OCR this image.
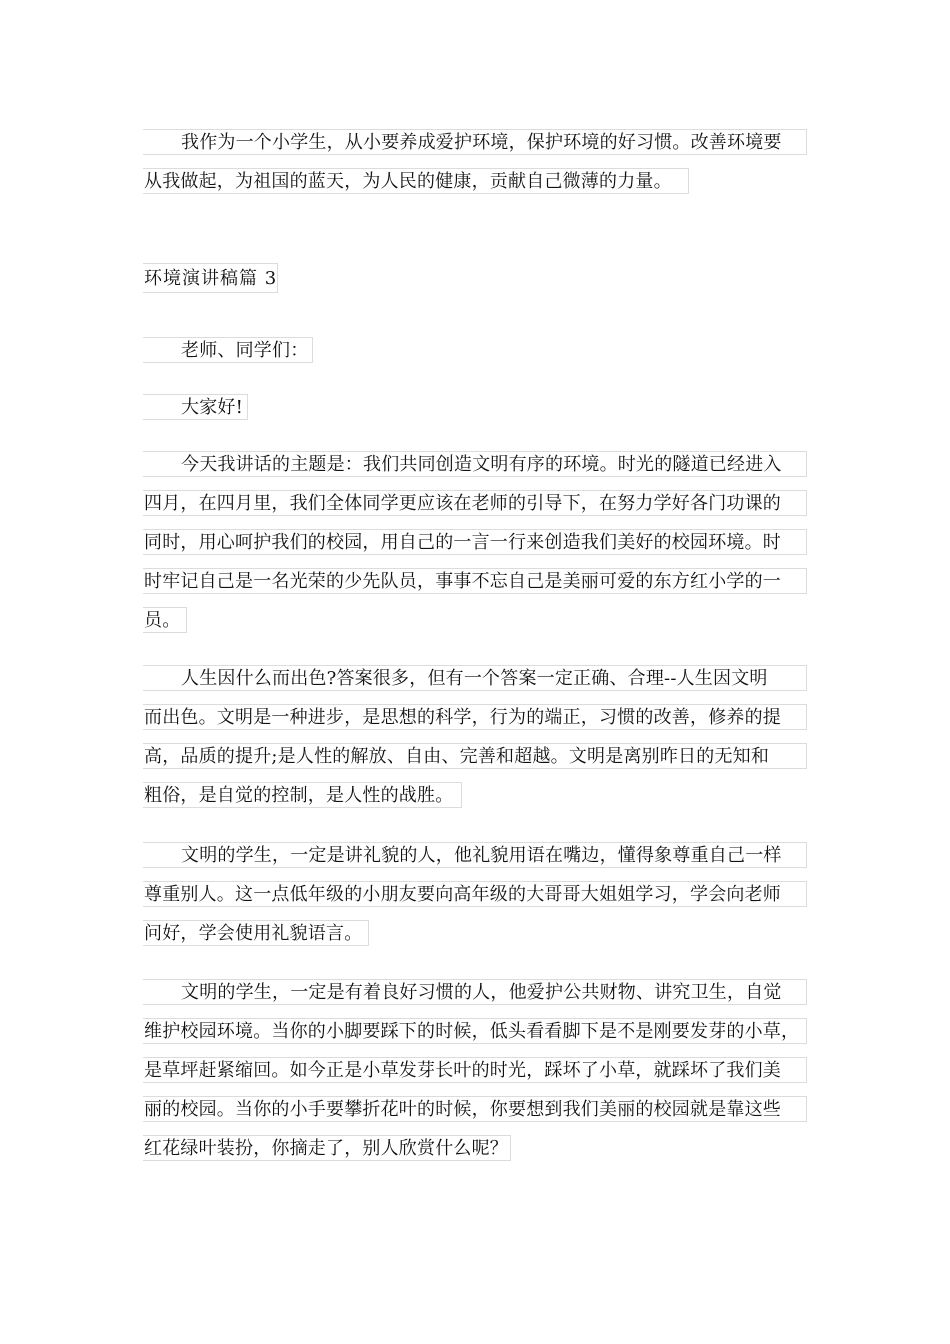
我作为一个小学生，从小要养成爱护环境，保护环境的好习惯。改善环境要
从我做起，为祖国的蓝天，为人民的健康，贡献自己微薄的力量。
环境演讲稿篇 3
老师、同学们：
大家好!
今天我讲话的主题是：我们共同创造文明有序的环境。时光的隧道已经进入
四月，在四月里，我们全体同学更应该在老师的引导下，在努力学好各门功课的
同时，用心呵护我们的校园，用自己的一言一行来创造我们美好的校园环境。时
时牢记自己是一名光荣的少先队员，事事不忘自己是美丽可爱的东方红小学的一
员。
人生因什么而出色?答案很多，但有一个答案一定正确、合理--人生因文明
而出色。文明是一种进步，是思想的科学，行为的端正，习惯的改善，修养的提
高，品质的提升;是人性的解放、自由、完善和超越。文明是离别昨日的无知和
粗俗，是自觉的控制，是人性的战胜。
文明的学生，一定是讲礼貌的人，他礼貌用语在嘴边，懂得象尊重自己一样
尊重别人。这一点低年级的小朋友要向高年级的大哥哥大姐姐学习，学会向老师
问好，学会使用礼貌语言。
文明的学生，一定是有着良好习惯的人，他爱护公共财物、讲究卫生，自觉
维护校园环境。当你的小脚要踩下的时候，低头看看脚下是不是刚要发芽的小草，
是草坪赶紧缩回。如今正是小草发芽长叶的时光，踩坏了小草，就踩坏了我们美
丽的校园。当你的小手要攀折花叶的时候，你要想到我们美丽的校园就是靠这些
红花绿叶装扮，你摘走了，别人欣赏什么呢？
